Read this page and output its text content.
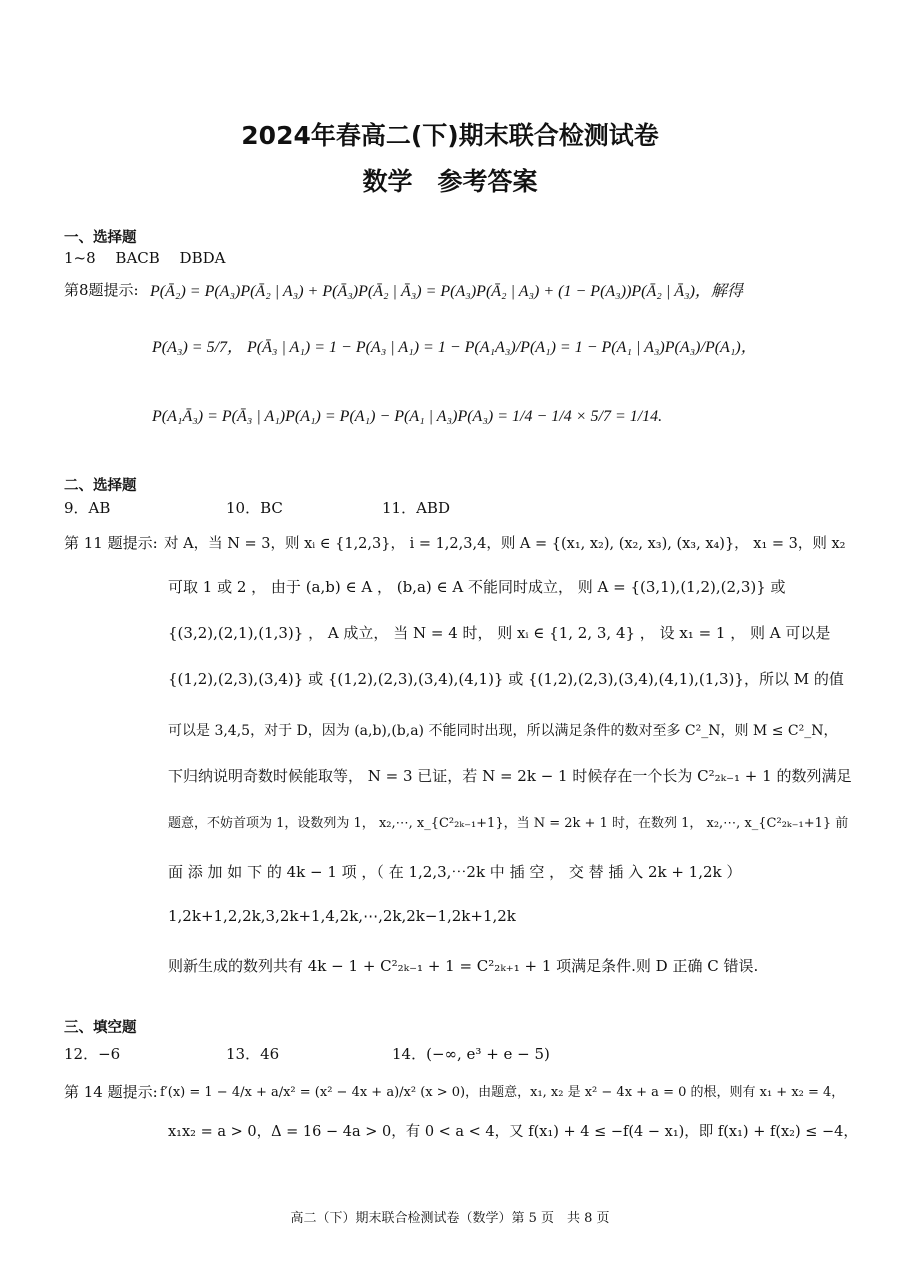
2024年春高二(下)期末联合检测试卷
数学　参考答案
一、选择题
1~8　 BACB　 DBDA
第8题提示: P(Ā₂) = P(A₃)P(Ā₂ | A₃) + P(Ā₃)P(Ā₂ | Ā₃) = P(A₃)P(Ā₂ | A₃) + (1 − P(A₃))P(Ā₂ | Ā₃)，解得
P(A₃) = 5/7， P(Ā₃ | A₁) = 1 − P(A₃ | A₁) = 1 − P(A₁A₃)/P(A₁) = 1 − P(A₁ | A₃)P(A₃)/P(A₁)，
P(A₁Ā₃) = P(Ā₃ | A₁)P(A₁) = P(A₁) − P(A₁ | A₃)P(A₃) = 1/4 − 1/4 × 5/7 = 1/14.
二、选择题
9．AB	10．BC	11．ABD
第 11 题提示: 对 A，当 N = 3，则 xᵢ ∈ {1,2,3}， i = 1,2,3,4，则 A = {(x₁, x₂), (x₂, x₃), (x₃, x₄)}， x₁ = 3，则 x₂
可取 1 或 2 ， 由于 (a,b) ∈ A ， (b,a) ∈ A 不能同时成立， 则 A = {(3,1),(1,2),(2,3)} 或
{(3,2),(2,1),(1,3)} ， A 成立， 当 N = 4 时， 则 xᵢ ∈ {1, 2, 3, 4} ， 设 x₁ = 1 ， 则 A 可以是
{(1,2),(2,3),(3,4)} 或 {(1,2),(2,3),(3,4),(4,1)} 或 {(1,2),(2,3),(3,4),(4,1),(1,3)}，所以 M 的值
可以是 3,4,5，对于 D，因为 (a,b),(b,a) 不能同时出现，所以满足条件的数对至多 C²_N，则 M ≤ C²_N，
下归纳说明奇数时候能取等， N = 3 已证，若 N = 2k − 1 时候存在一个长为 C²₂ₖ₋₁ + 1 的数列满足
题意，不妨首项为 1，设数列为 1， x₂,⋯, x_{C²₂ₖ₋₁+1}，当 N = 2k + 1 时，在数列 1， x₂,⋯, x_{C²₂ₖ₋₁+1} 前
面 添 加 如 下 的 4k − 1 项 ，（ 在 1,2,3,⋯2k 中 插 空 ， 交 替 插 入 2k + 1,2k ）
1,2k+1,2,2k,3,2k+1,4,2k,⋯,2k,2k−1,2k+1,2k
则新生成的数列共有 4k − 1 + C²₂ₖ₋₁ + 1 = C²₂ₖ₊₁ + 1 项满足条件.则 D 正确 C 错误.
三、填空题
12．−6	13．46	14．(−∞, e³ + e − 5)
第 14 题提示: f′(x) = 1 − 4/x + a/x² = (x² − 4x + a)/x² (x > 0)，由题意，x₁, x₂ 是 x² − 4x + a = 0 的根，则有 x₁ + x₂ = 4，
x₁x₂ = a > 0，Δ = 16 − 4a > 0，有 0 < a < 4，又 f(x₁) + 4 ≤ −f(4 − x₁)，即 f(x₁) + f(x₂) ≤ −4，
高二（下）期末联合检测试卷（数学）第 5 页　共 8 页
